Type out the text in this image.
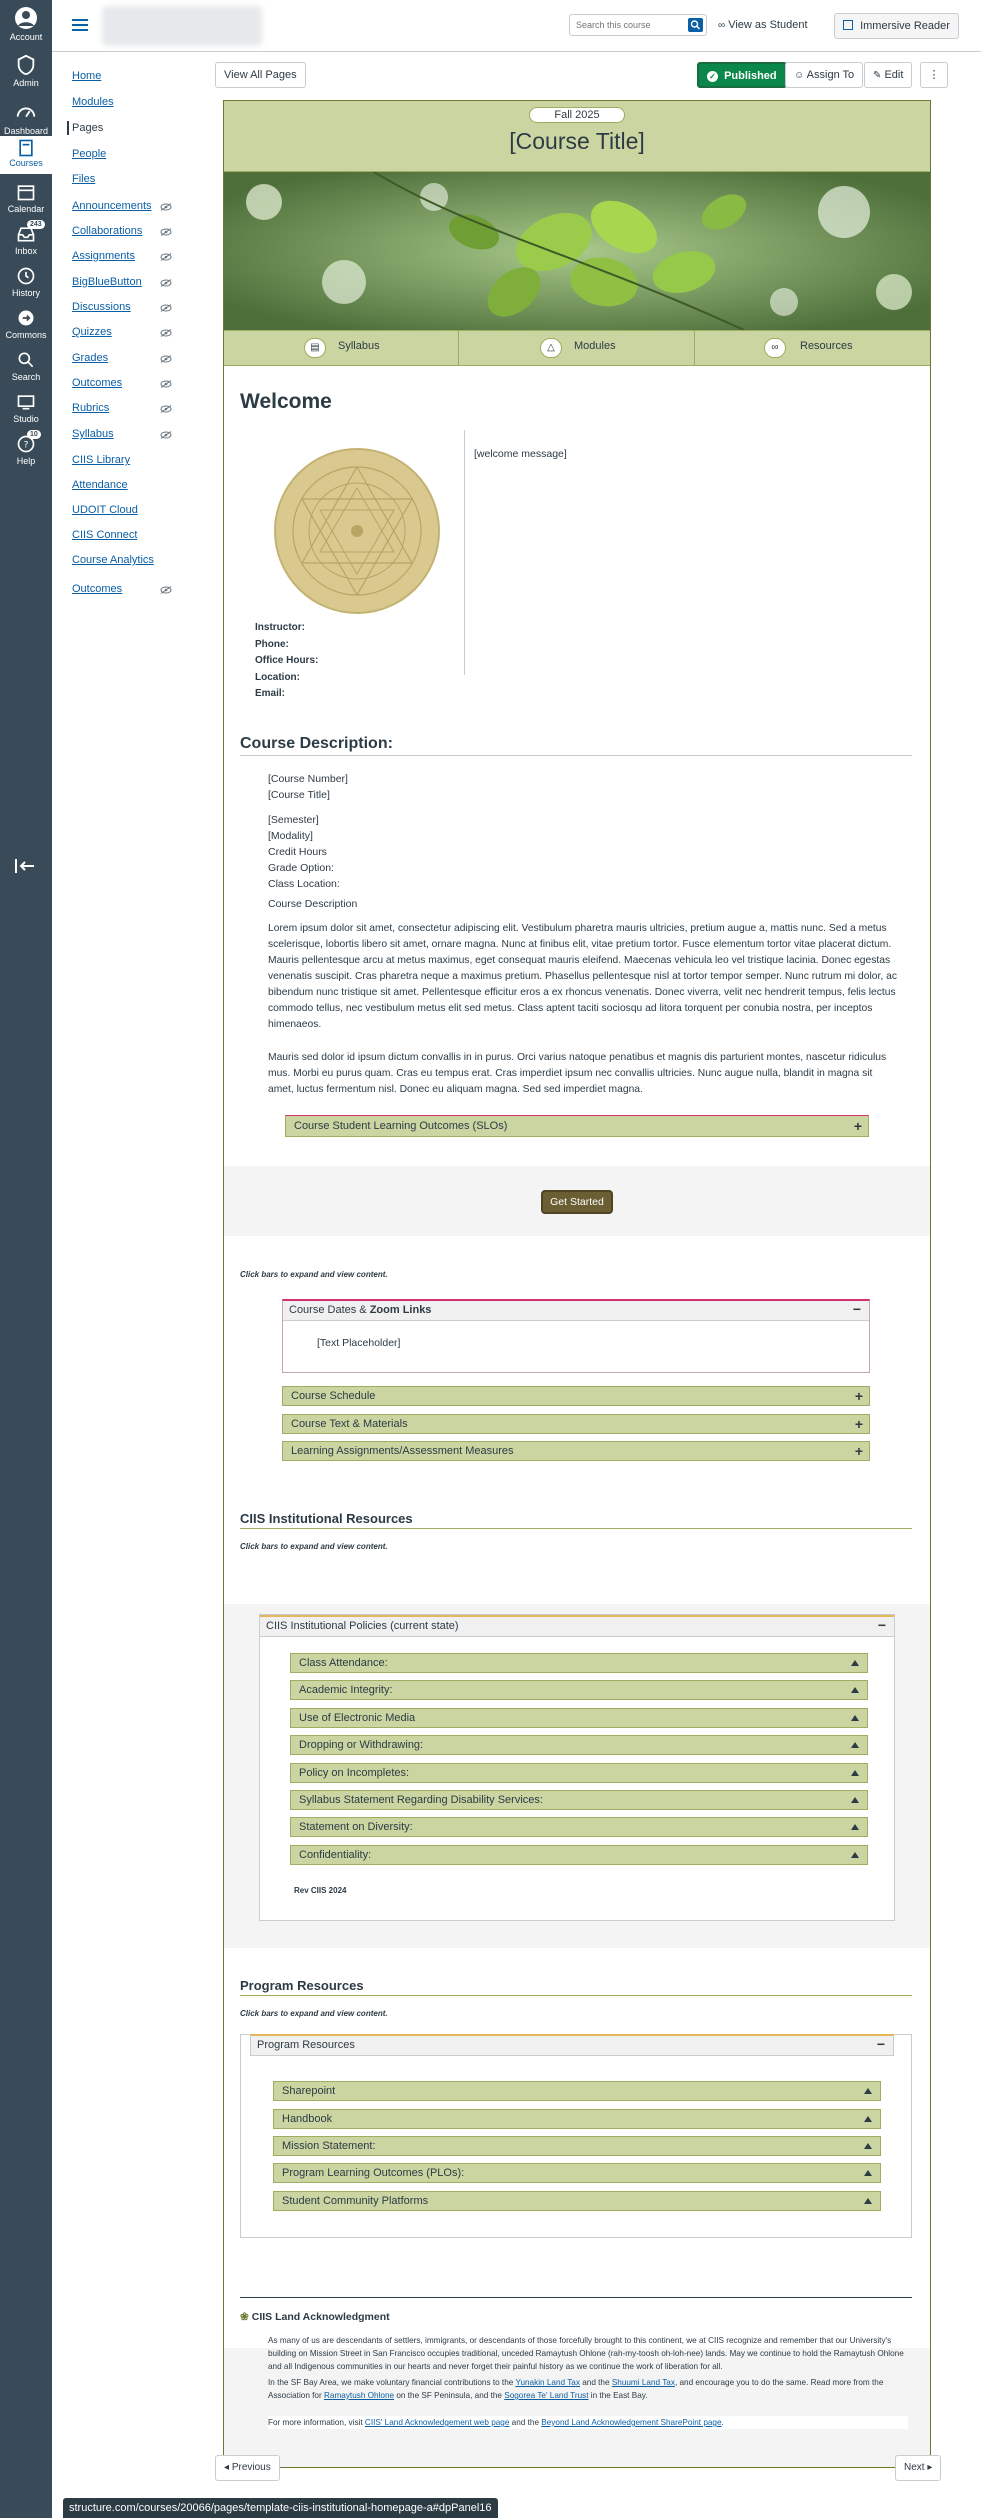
Account
Admin
Dashboard
Courses
Calendar
243
Inbox
History
Commons
Search
Studio
?
10
Help
Search this course
∞ View as Student	Immersive Reader
Home
Modules
Pages
People
Files
Announcements
Collaborations
Assignments
BigBlueButton
Discussions
Quizzes
Grades
Outcomes
Rubrics
Syllabus
CIIS Library
Attendance
UDOIT Cloud
CIIS Connect
Course Analytics
Outcomes
View All Pages	✓ Published	☺ Assign To	✎ Edit	⋮
Fall 2025
[Course Title]
▤	Syllabus	△	Modules	∞	Resources
Welcome
[welcome message]
Instructor:
Phone:
Office Hours:
Location:
Email:
Course Description:
[Course Number]
[Course Title]
[Semester]
[Modality]
Credit Hours
Grade Option:
Class Location:
Course Description
Lorem ipsum dolor sit amet, consectetur adipiscing elit. Vestibulum pharetra mauris ultricies, pretium augue a, mattis nunc. Sed a metus scelerisque, lobortis libero sit amet, ornare magna. Nunc at finibus elit, vitae pretium tortor. Fusce elementum tortor vitae placerat dictum. Mauris pellentesque arcu at metus maximus, eget consequat mauris eleifend. Maecenas vehicula leo vel tristique lacinia. Donec egestas venenatis suscipit. Cras pharetra neque a maximus pretium. Phasellus pellentesque nisl at tortor tempor semper. Nunc rutrum mi dolor, ac bibendum nunc tristique sit amet. Pellentesque efficitur eros a ex rhoncus venenatis. Donec viverra, velit nec hendrerit tempus, felis lectus commodo tellus, nec vestibulum metus elit sed metus. Class aptent taciti sociosqu ad litora torquent per conubia nostra, per inceptos himenaeos.
Mauris sed dolor id ipsum dictum convallis in in purus. Orci varius natoque penatibus et magnis dis parturient montes, nascetur ridiculus mus. Morbi eu purus quam. Cras eu tempus erat. Cras imperdiet ipsum nec convallis ultricies. Nunc augue nulla, blandit in magna sit amet, luctus fermentum nisl. Donec eu aliquam magna. Sed sed imperdiet magna.
Course Student Learning Outcomes (SLOs)	+
Get Started
Click bars to expand and view content.
Course Dates & Zoom Links	−
[Text Placeholder]
Course Schedule	+
Course Text & Materials	+
Learning Assignments/Assessment Measures	+
CIIS Institutional Resources
Click bars to expand and view content.
CIIS Institutional Policies (current state)	−
Class Attendance:
Academic Integrity:
Use of Electronic Media
Dropping or Withdrawing:
Policy on Incompletes:
Syllabus Statement Regarding Disability Services:
Statement on Diversity:
Confidentiality:
Rev CIIS 2024
Program Resources
Click bars to expand and view content.
Program Resources	−
Sharepoint
Handbook
Mission Statement:
Program Learning Outcomes (PLOs):
Student Community Platforms
❀ CIIS Land Acknowledgment
As many of us are descendants of settlers, immigrants, or descendants of those forcefully brought to this continent, we at CIIS recognize and remember that our University's building on Mission Street in San Francisco occupies traditional, unceded Ramaytush Ohlone (rah-my-toosh oh-loh-nee) lands. May we continue to hold the Ramaytush Ohlone and all Indigenous communities in our hearts and never forget their painful history as we continue the work of liberation for all.
In the SF Bay Area, we make voluntary financial contributions to the Yunakin Land Tax and the Shuumi Land Tax, and encourage you to do the same. Read more from the Association for Ramaytush Ohlone on the SF Peninsula, and the Sogorea Te' Land Trust in the East Bay.
For more information, visit CIIS' Land Acknowledgement web page and the Beyond Land Acknowledgement SharePoint page.
◂ Previous	Next ▸
structure.com/courses/20066/pages/template-ciis-institutional-homepage-a#dpPanel16
